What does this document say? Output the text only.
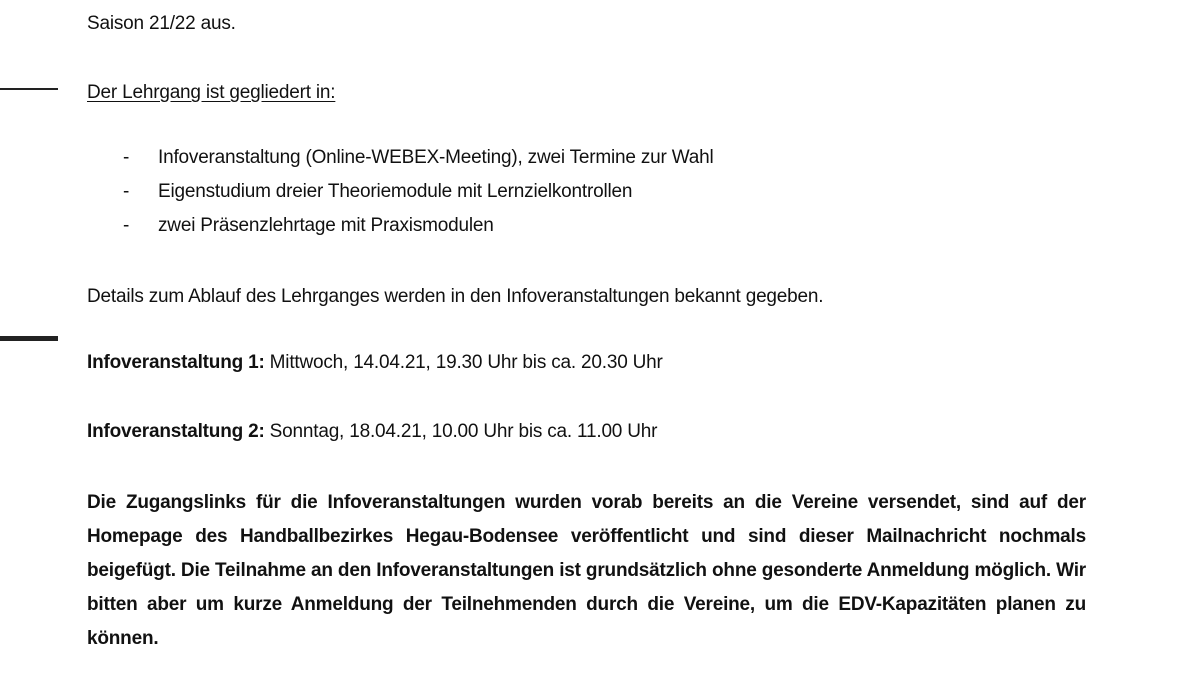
Saison 21/22 aus.
Der Lehrgang ist gegliedert in:
- Infoveranstaltung (Online-WEBEX-Meeting), zwei Termine zur Wahl
- Eigenstudium dreier Theoriemodule mit Lernzielkontrollen
- zwei Präsenzlehrtage mit Praxismodulen
Details zum Ablauf des Lehrganges werden in den Infoveranstaltungen bekannt gegeben.
Infoveranstaltung 1: Mittwoch, 14.04.21, 19.30 Uhr bis ca. 20.30 Uhr
Infoveranstaltung 2: Sonntag, 18.04.21, 10.00 Uhr bis ca. 11.00 Uhr
Die Zugangslinks für die Infoveranstaltungen wurden vorab bereits an die Vereine versendet, sind auf der Homepage des Handballbezirkes Hegau-Bodensee veröffentlicht und sind dieser Mailnachricht nochmals beigefügt. Die Teilnahme an den Infoveranstaltungen ist grundsätzlich ohne gesonderte Anmeldung möglich. Wir bitten aber um kurze Anmeldung der Teilnehmenden durch die Vereine, um die EDV-Kapazitäten planen zu können.
